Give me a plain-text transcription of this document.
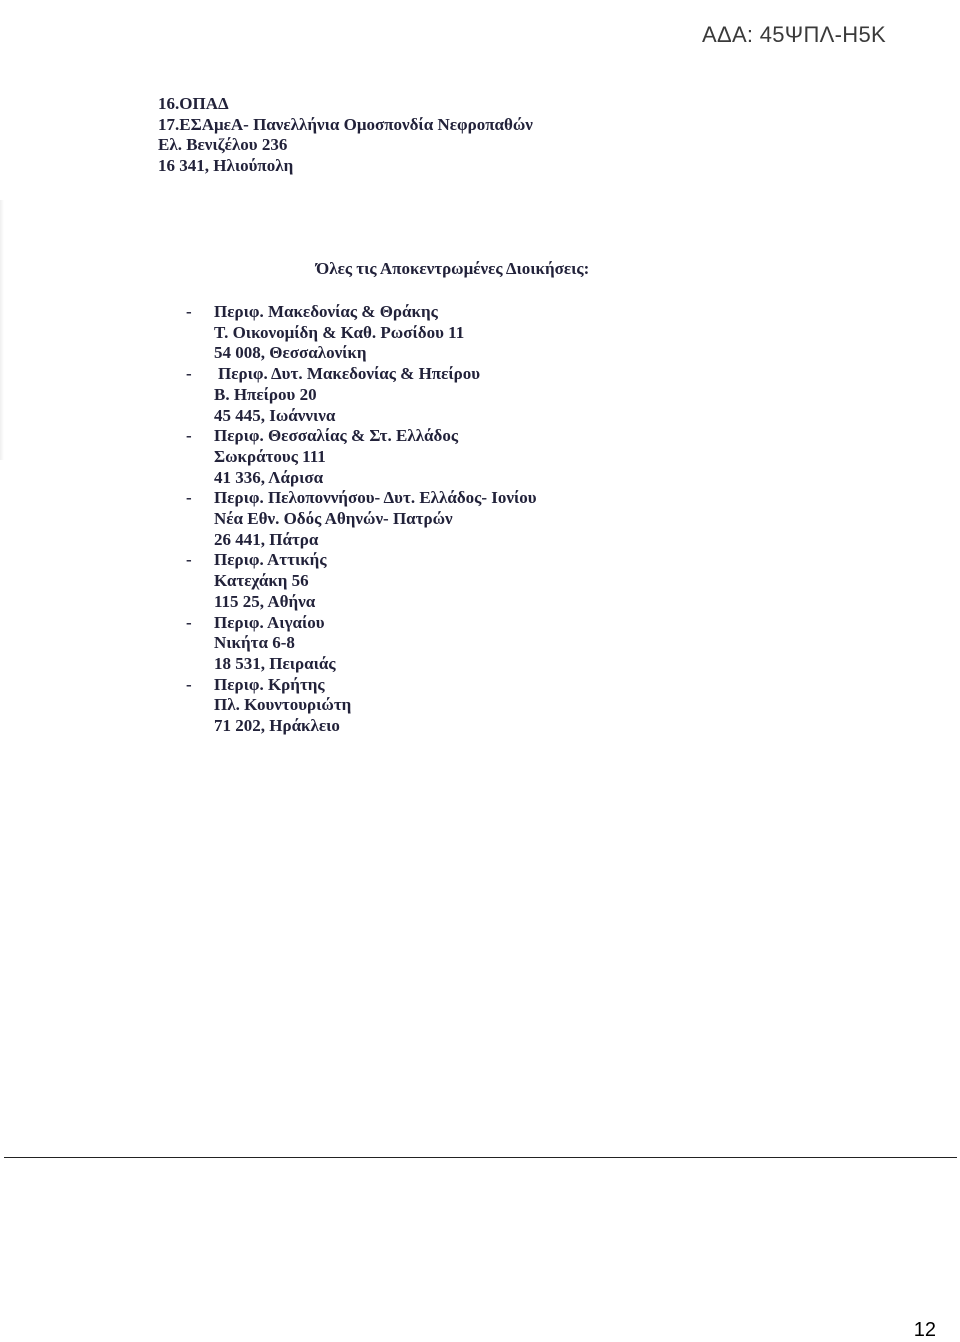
ΑΔΑ: 45ΨΠΛ-Η5Κ
16.ΟΠΑΔ
17.ΕΣΑμεΑ- Πανελλήνια Ομοσπονδία Νεφροπαθών
Ελ. Βενιζέλου 236
16 341, Ηλιούπολη
Όλες τις Αποκεντρωμένες Διοικήσεις:
-	Περιφ. Μακεδονίας & Θράκης
Τ. Οικονομίδη & Καθ. Ρωσίδου 11
54 008, Θεσσαλονίκη
-	Περιφ. Δυτ. Μακεδονίας & Ηπείρου
Β. Ηπείρου 20
45 445, Ιωάννινα
-	Περιφ. Θεσσαλίας & Στ. Ελλάδος
Σωκράτους 111
41 336, Λάρισα
-	Περιφ. Πελοποννήσου- Δυτ. Ελλάδος- Ιονίου
Νέα Εθν. Οδός Αθηνών- Πατρών
26 441, Πάτρα
-	Περιφ. Αττικής
Κατεχάκη 56
115 25, Αθήνα
-	Περιφ. Αιγαίου
Νικήτα 6-8
18 531, Πειραιάς
-	Περιφ. Κρήτης
Πλ. Κουντουριώτη
71 202, Ηράκλειο
12
